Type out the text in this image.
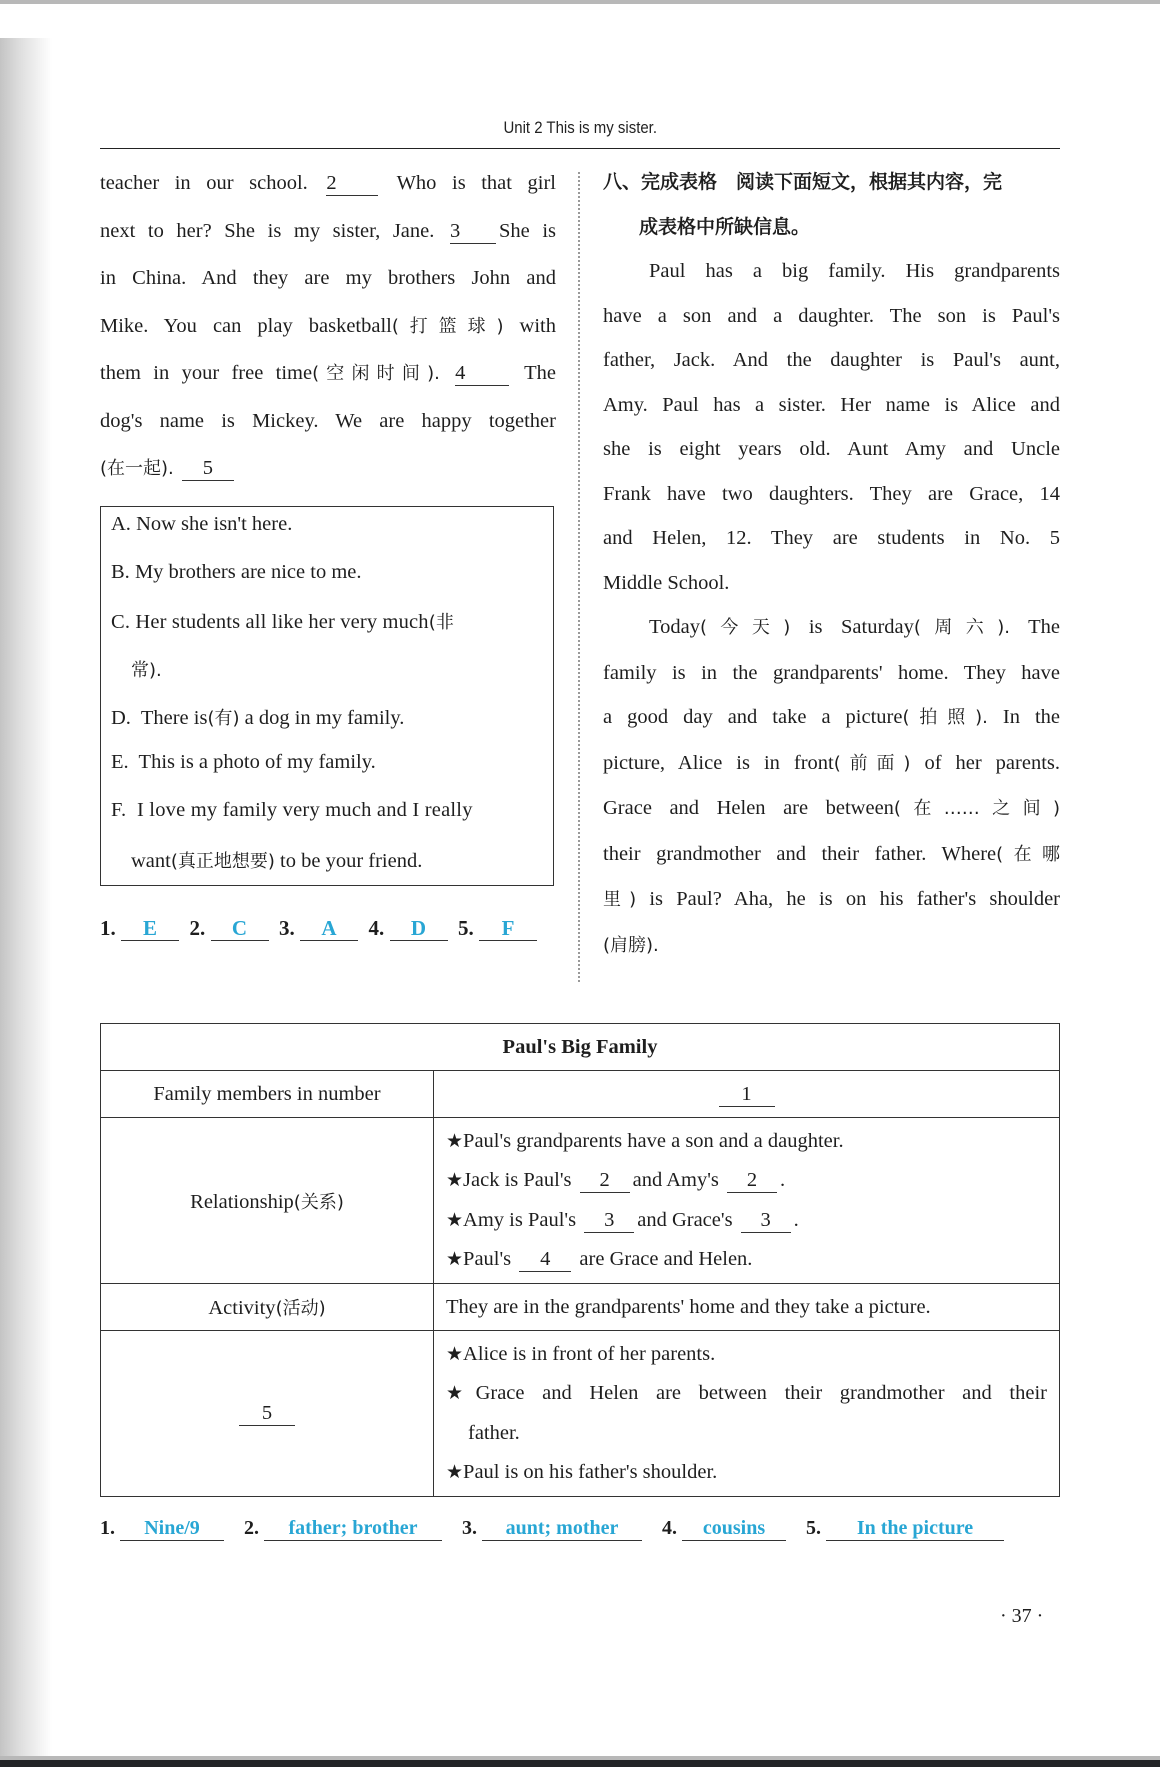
Unit 2 This is my sister.
teacher in our school. 2	Who is that girl
next to her? She is my sister, Jane. 3 She is
in China. And they are my brothers John and
Mike. You can play basketball(打篮球) with
them in your free time(空闲时间). 4	The
dog's name is Mickey. We are happy together
(在一起). 5
A. Now she isn't here.
B. My brothers are nice to me.
C. Her students all like her very much(非
常).
D. There is(有) a dog in my family.
E. This is a photo of my family.
F. I love my family very much and I really
want(真正地想要) to be your friend.
1. E 2. C 3. A 4. D 5. F
八、完成表格　阅读下面短文，根据其内容，完
成表格中所缺信息。
Paul has a big family. His grandparents
have a son and a daughter. The son is Paul's
father, Jack. And the daughter is Paul's aunt,
Amy. Paul has a sister. Her name is Alice and
she is eight years old. Aunt Amy and Uncle
Frank have two daughters. They are Grace, 14
and Helen, 12. They are students in No. 5
Middle School.
Today(今天) is Saturday(周六). The
family is in the grandparents' home. They have
a good day and take a picture(拍照). In the
picture, Alice is in front(前面) of her parents.
Grace and Helen are between(在……之间)
their grandmother and their father. Where(在哪
里) is Paul? Aha, he is on his father's shoulder
(肩膀).
Paul's Big Family	
Family members in number	1
Relationship(关系)	★Paul's grandparents have a son and a daughter.
★Jack is Paul's 2 and Amy's 2 .
★Amy is Paul's 3 and Grace's 3 .
★Paul's 4 are Grace and Helen.

Activity(活动)	They are in the grandparents' home and they take a picture.
5	★Alice is in front of her parents.
★Grace and Helen are between their grandmother and their
father.
★Paul is on his father's shoulder.
1. Nine/9 2. father; brother 3. aunt; mother 4. cousins 5. In the picture
· 37 ·
